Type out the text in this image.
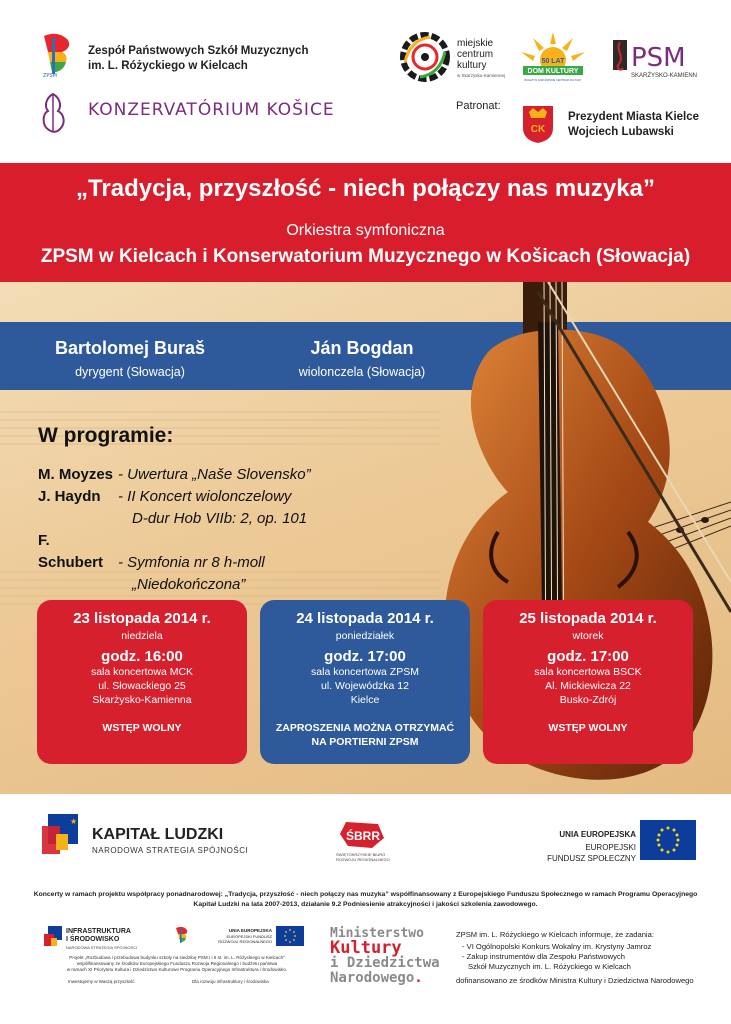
ZPSM
Zespół Państwowych Szkół Muzycznych
im. L. Różyckiego w Kielcach
KONZERVATÓRIUM KOŠICE
miejskie
centrum
kultury
w Skarżysku-Kamiennej
50 LAT
DOM KULTURY
BIULETYN KARKOWSKIE CENTRUM KULTURY
PSM
SKARŻYSKO-KAMIENNA
Patronat:
CK
Prezydent Miasta Kielce
Wojciech Lubawski
„Tradycja, przyszłość - niech połączy nas muzyka”
Orkiestra symfoniczna
ZPSM w Kielcach i Konserwatorium Muzycznego w Košicach (Słowacja)
Bartolomej Buraš
dyrygent (Słowacja)
Ján Bogdan
wiolonczela (Słowacja)
W programie:
M. Moyzes - Uwertura „Naše Slovensko”
J. Haydn - II Koncert wiolonczelowy
D-dur Hob VIIb: 2, op. 101
F. Schubert - Symfonia nr 8 h-moll
„Niedokończona”
23 listopada 2014 r.
niedziela
godz. 16:00
sala koncertowa MCK
ul. Słowackiego 25
Skarżysko-Kamienna
WSTĘP WOLNY
24 listopada 2014 r.
poniedziałek
godz. 17:00
sala koncertowa ZPSM
ul. Wojewódzka 12
Kielce
ZAPROSZENIA MOŻNA OTRZYMAĆ
NA PORTIERNI ZPSM
25 listopada 2014 r.
wtorek
godz. 17:00
sala koncertowa BSCK
Al. Mickiewicza 22
Busko-Zdrój
WSTĘP WOLNY
★
KAPITAŁ LUDZKI
NARODOWA STRATEGIA SPÓJNOŚCI
ŚBRR
ŚWIĘTOKRZYSKIE BIURO
ROZWOJU REGIONALNEGO
UNIA EUROPEJSKA
EUROPEJSKI
FUNDUSZ SPOŁECZNY
Koncerty w ramach projektu współpracy ponadnarodowej: „Tradycja, przyszłość - niech połączy nas muzyka” współfinansowany z Europejskiego Funduszu Społecznego w ramach Programu Operacyjnego
Kapitał Ludzki na lata 2007-2013, działanie 9.2 Podniesienie atrakcyjności i jakości szkolenia zawodowego.
INFRASTRUKTURA
I ŚRODOWISKO
NARODOWA STRATEGIA SPÓJNOŚCI
UNIA EUROPEJSKA
EUROPEJSKI FUNDUSZ
ROZWOJU REGIONALNEGO
Projekt „Rozbudowa i przebudowa budynku szkoły na siedzibę PSM I i II st. im. L. Różyckiego w Kielcach”
współfinansowany ze środków Europejskiego Funduszu Rozwoju Regionalnego i budżetu państwa
w ramach XI Priorytetu Kultura i Dziedzictwo Kulturowe Programu Operacyjnego Infrastruktura i Środowisko.
Inwestujemy w Waszą przyszłość	Dla rozwoju infrastruktury i środowiska
Ministerstwo
Kultury
i Dziedzictwa
Narodowego.
ZPSM im. L. Różyckiego w Kielcach informuje, że zadania:
- VI Ogólnopolski Konkurs Wokalny im. Krystyny Jamroz
- Zakup instrumentów dla Zespołu Państwowych
Szkół Muzycznych im. L. Różyckiego w Kielcach
dofinansowano ze środków Ministra Kultury i Dziedzictwa Narodowego
